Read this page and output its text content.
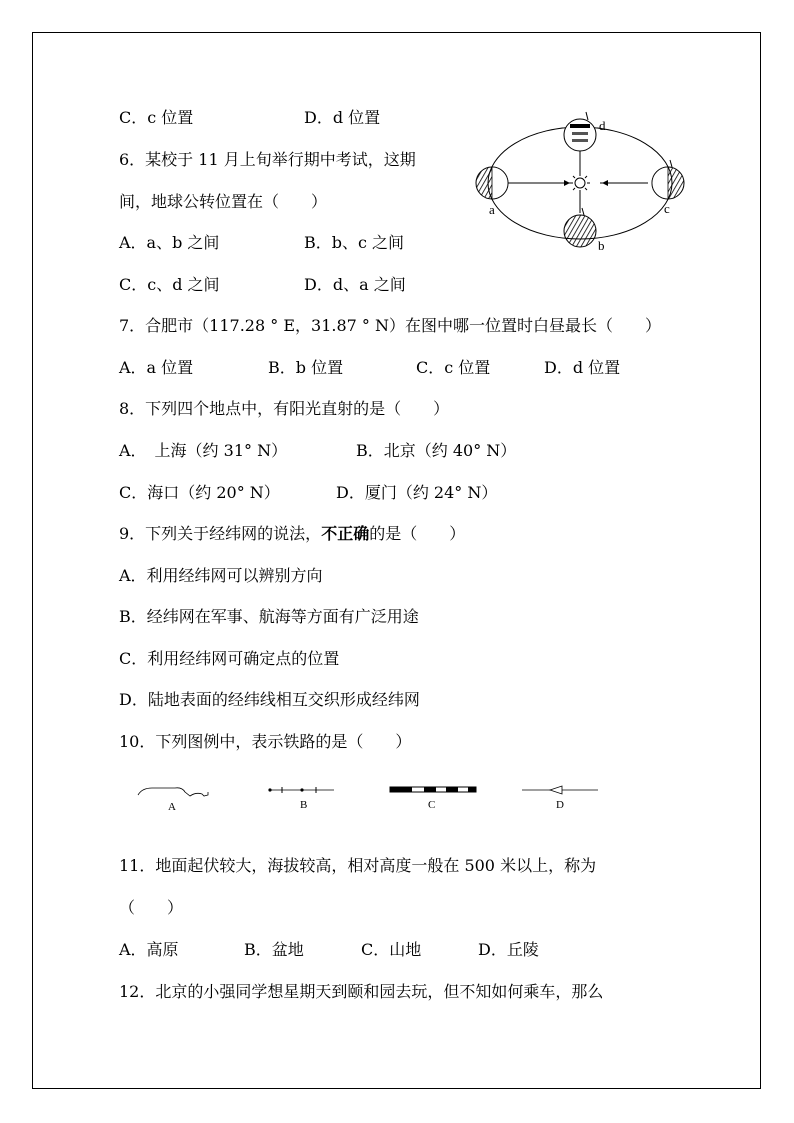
C．c 位置	D．d 位置
6．某校于 11 月上旬举行期中考试，这期
间，地球公转位置在（　　）
A．a、b 之间	B．b、c 之间
C．c、d 之间	D．d、a 之间
a
b
c
d
7．合肥市（117.28 ° E，31.87 ° N）在图中哪一位置时白昼最长（　　）
A．a 位置	B．b 位置	C．c 位置	D．d 位置
8．下列四个地点中，有阳光直射的是（　　）
A．　上海（约 31° N）	B．北京（约 40° N）
C．海口（约 20° N）	D．厦门（约 24° N）
9．下列关于经纬网的说法，不正确的是（　　）
A．利用经纬网可以辨别方向
B．经纬网在军事、航海等方面有广泛用途
C．利用经纬网可确定点的位置
D．陆地表面的经纬线相互交织形成经纬网
10．下列图例中，表示铁路的是（　　）
A	B	C	D
11．地面起伏较大，海拔较高，相对高度一般在 500 米以上，称为
（　　）
A．高原	B．盆地	C．山地	D．丘陵
12．北京的小强同学想星期天到颐和园去玩，但不知如何乘车，那么
